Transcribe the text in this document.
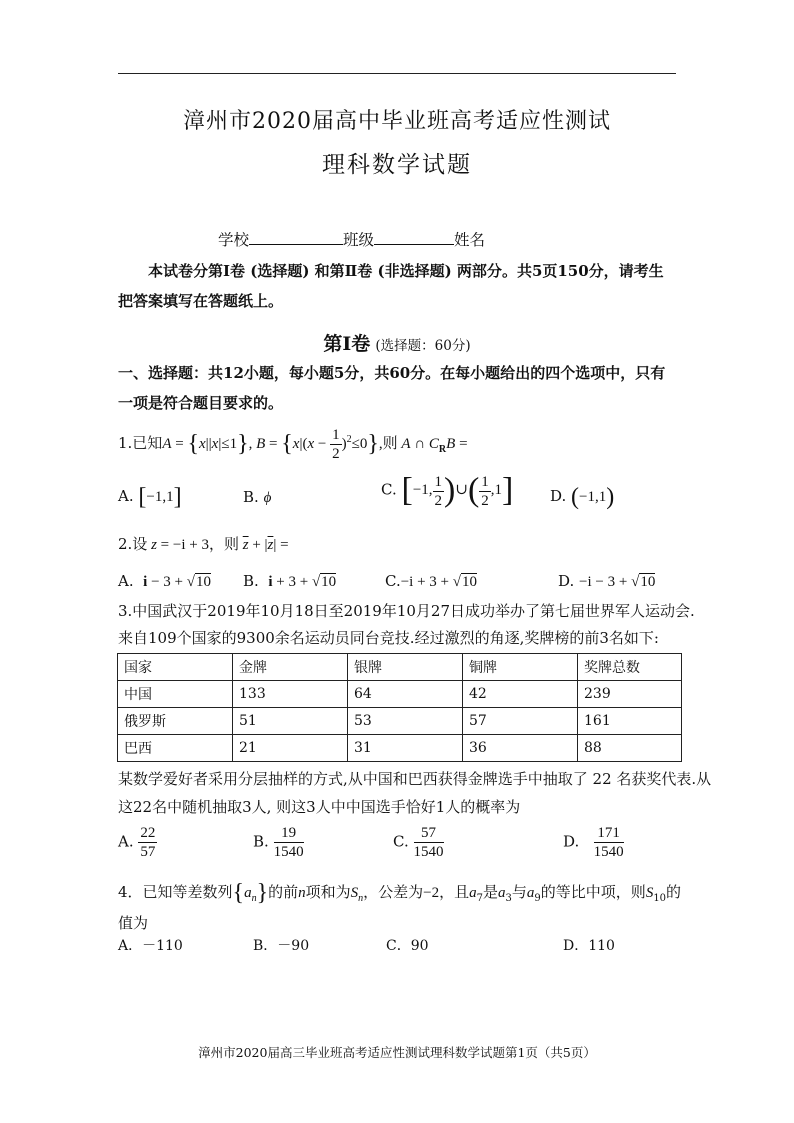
漳州市2020届高中毕业班高考适应性测试
理科数学试题
学校	班级	姓名
本试卷分第Ⅰ卷 (选择题) 和第Ⅱ卷 (非选择题) 两部分。共5页150分，请考生把答案填写在答题纸上。
第Ⅰ卷 (选择题：60分)
一、选择题：共12小题，每小题5分，共60分。在每小题给出的四个选项中，只有一项是符合题目要求的。
1.已知A = {x||x|≤1}, $B = \{x|(x - \frac{1}{2} )^2\le 0\}$,则 A ∩ $C_RB$ =
A. [−1,1]	B. ϕ	C. [−1, $\frac{1}{2}$ )∪( $\frac{1}{2} ,1$] D. (−1,1)
2.设 z = −i + 3，则 $\overline{z} + |\overline{z}|$ =
A. i − 3 + √10 B. i + 3 + √10	C.−i + 3 + √10	D. −i − 3 + √10
3.中国武汉于2019年10月18日至2019年10月27日成功举办了第七届世界军人运动会.
来自109个国家的9300余名运动员同台竞技.经过激烈的角逐,奖牌榜的前3名如下:
国家	金牌	银牌	铜牌	奖牌总数
中国	133	64	42	239
俄罗斯	51	53	57	161
巴西	21	31	36	88
某数学爱好者采用分层抽样的方式,从中国和巴西获得金牌选手中抽取了 22 名获奖代表.从
这22名中随机抽取3人, 则这3人中中国选手恰好1人的概率为
A. $\frac{22}{57}$	B. $\frac{19}{1540}$	C. $\frac{57}{1540}$	D. $\frac{171}{1540}$
4．已知等差数列$\{a_n\}$的前n项和为$S_n$，公差为−2，且$a_7$是$a_3$与$a_9$的等比中项，则$S_{10}$的
值为
A．－110	B．－90	C．90	D．110
漳州市2020届高三毕业班高考适应性测试理科数学试题第1页（共5页）
